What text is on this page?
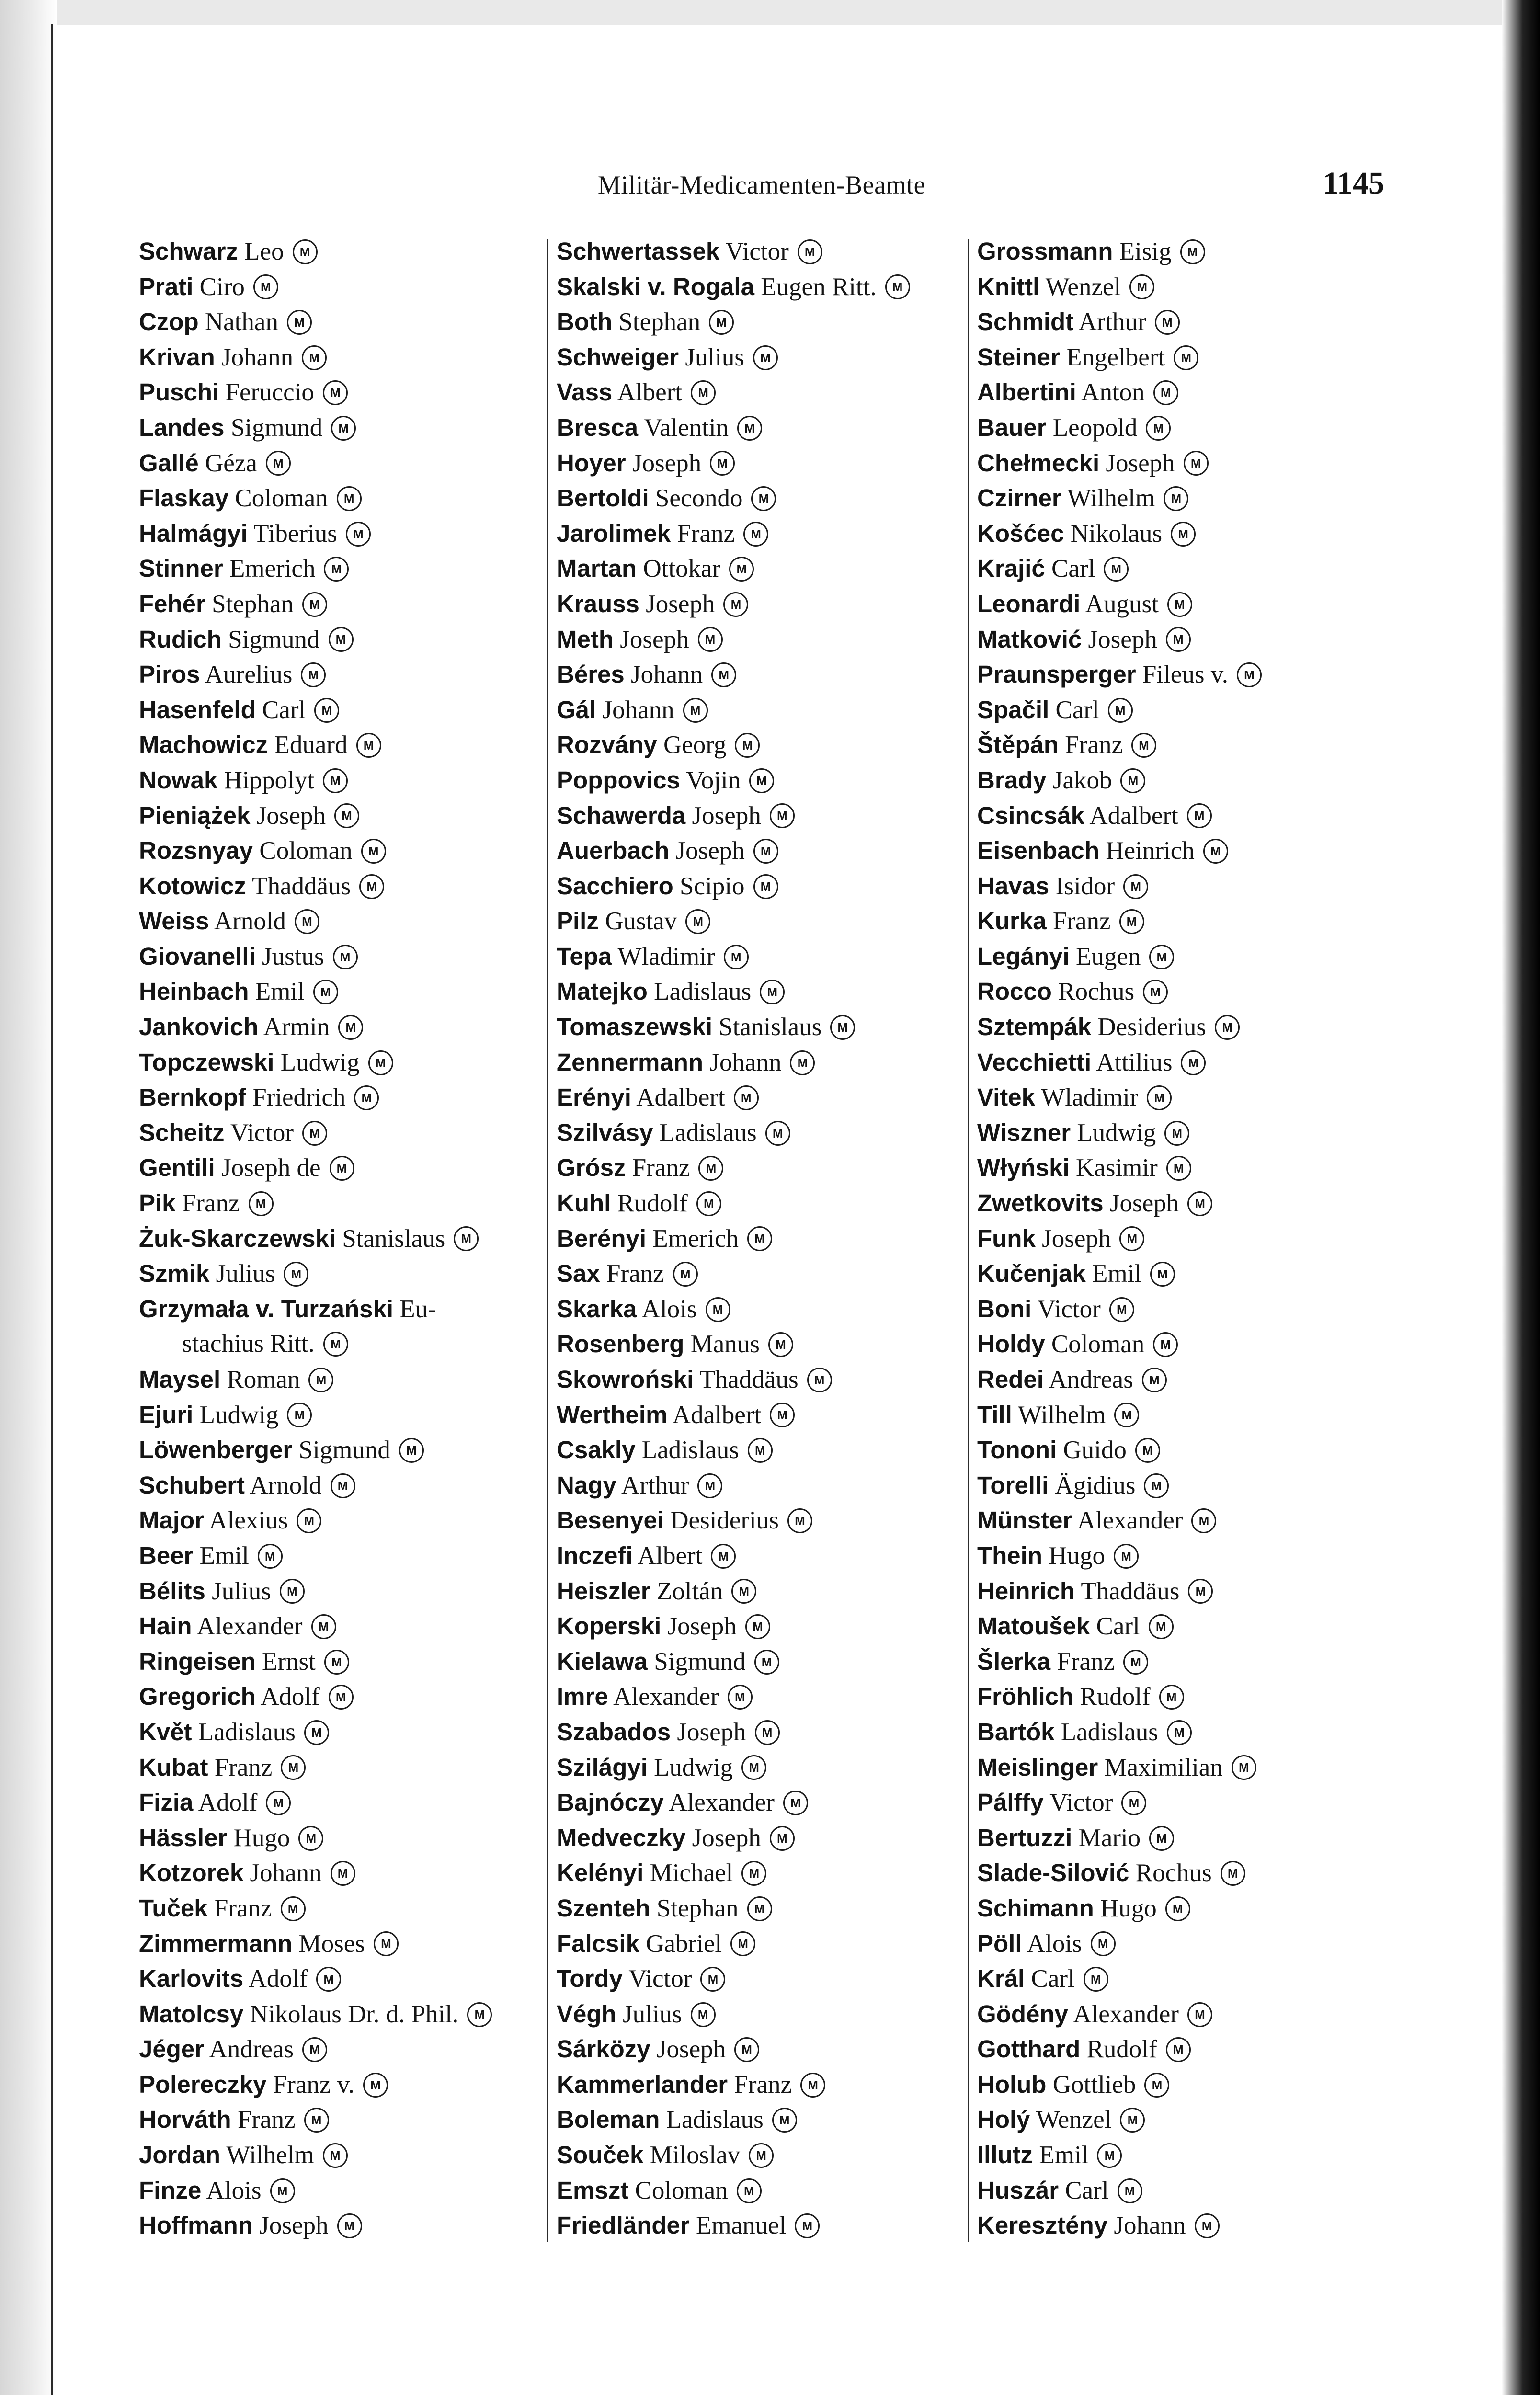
Militär-Medicamenten-Beamte	1145
Schwarz Leo M
Prati Ciro M
Czop Nathan M
Krivan Johann M
Puschi Feruccio M
Landes Sigmund M
Gallé Géza M
Flaskay Coloman M
Halmágyi Tiberius M
Stinner Emerich M
Fehér Stephan M
Rudich Sigmund M
Piros Aurelius M
Hasenfeld Carl M
Machowicz Eduard M
Nowak Hippolyt M
Pieniążek Joseph M
Rozsnyay Coloman M
Kotowicz Thaddäus M
Weiss Arnold M
Giovanelli Justus M
Heinbach Emil M
Jankovich Armin M
Topczewski Ludwig M
Bernkopf Friedrich M
Scheitz Victor M
Gentili Joseph de M
Pik Franz M
Żuk-Skarczewski Stanislaus M
Szmik Julius M
Grzymała v. Turzański Eu-
stachius Ritt. M
Maysel Roman M
Ejuri Ludwig M
Löwenberger Sigmund M
Schubert Arnold M
Major Alexius M
Beer Emil M
Bélits Julius M
Hain Alexander M
Ringeisen Ernst M
Gregorich Adolf M
Květ Ladislaus M
Kubat Franz M
Fizia Adolf M
Hässler Hugo M
Kotzorek Johann M
Tuček Franz M
Zimmermann Moses M
Karlovits Adolf M
Matolcsy Nikolaus Dr. d. Phil. M
Jéger Andreas M
Polereczky Franz v. M
Horváth Franz M
Jordan Wilhelm M
Finze Alois M
Hoffmann Joseph M
Schwertassek Victor M
Skalski v. Rogala Eugen Ritt. M
Both Stephan M
Schweiger Julius M
Vass Albert M
Bresca Valentin M
Hoyer Joseph M
Bertoldi Secondo M
Jarolimek Franz M
Martan Ottokar M
Krauss Joseph M
Meth Joseph M
Béres Johann M
Gál Johann M
Rozvány Georg M
Poppovics Vojin M
Schawerda Joseph M
Auerbach Joseph M
Sacchiero Scipio M
Pilz Gustav M
Tepa Wladimir M
Matejko Ladislaus M
Tomaszewski Stanislaus M
Zennermann Johann M
Erényi Adalbert M
Szilvásy Ladislaus M
Grósz Franz M
Kuhl Rudolf M
Berényi Emerich M
Sax Franz M
Skarka Alois M
Rosenberg Manus M
Skowroński Thaddäus M
Wertheim Adalbert M
Csakly Ladislaus M
Nagy Arthur M
Besenyei Desiderius M
Inczefi Albert M
Heiszler Zoltán M
Koperski Joseph M
Kielawa Sigmund M
Imre Alexander M
Szabados Joseph M
Szilágyi Ludwig M
Bajnóczy Alexander M
Medveczky Joseph M
Kelényi Michael M
Szenteh Stephan M
Falcsik Gabriel M
Tordy Victor M
Végh Julius M
Sárközy Joseph M
Kammerlander Franz M
Boleman Ladislaus M
Souček Miloslav M
Emszt Coloman M
Friedländer Emanuel M
Grossmann Eisig M
Knittl Wenzel M
Schmidt Arthur M
Steiner Engelbert M
Albertini Anton M
Bauer Leopold M
Chełmecki Joseph M
Czirner Wilhelm M
Košćec Nikolaus M
Krajić Carl M
Leonardi August M
Matković Joseph M
Praunsperger Fileus v. M
Spačil Carl M
Štěpán Franz M
Brady Jakob M
Csincsák Adalbert M
Eisenbach Heinrich M
Havas Isidor M
Kurka Franz M
Legányi Eugen M
Rocco Rochus M
Sztempák Desiderius M
Vecchietti Attilius M
Vitek Wladimir M
Wiszner Ludwig M
Włyński Kasimir M
Zwetkovits Joseph M
Funk Joseph M
Kučenjak Emil M
Boni Victor M
Holdy Coloman M
Redei Andreas M
Till Wilhelm M
Tononi Guido M
Torelli Ägidius M
Münster Alexander M
Thein Hugo M
Heinrich Thaddäus M
Matoušek Carl M
Šlerka Franz M
Fröhlich Rudolf M
Bartók Ladislaus M
Meislinger Maximilian M
Pálffy Victor M
Bertuzzi Mario M
Slade-Silović Rochus M
Schimann Hugo M
Pöll Alois M
Král Carl M
Gödény Alexander M
Gotthard Rudolf M
Holub Gottlieb M
Holý Wenzel M
Illutz Emil M
Huszár Carl M
Keresztény Johann M
